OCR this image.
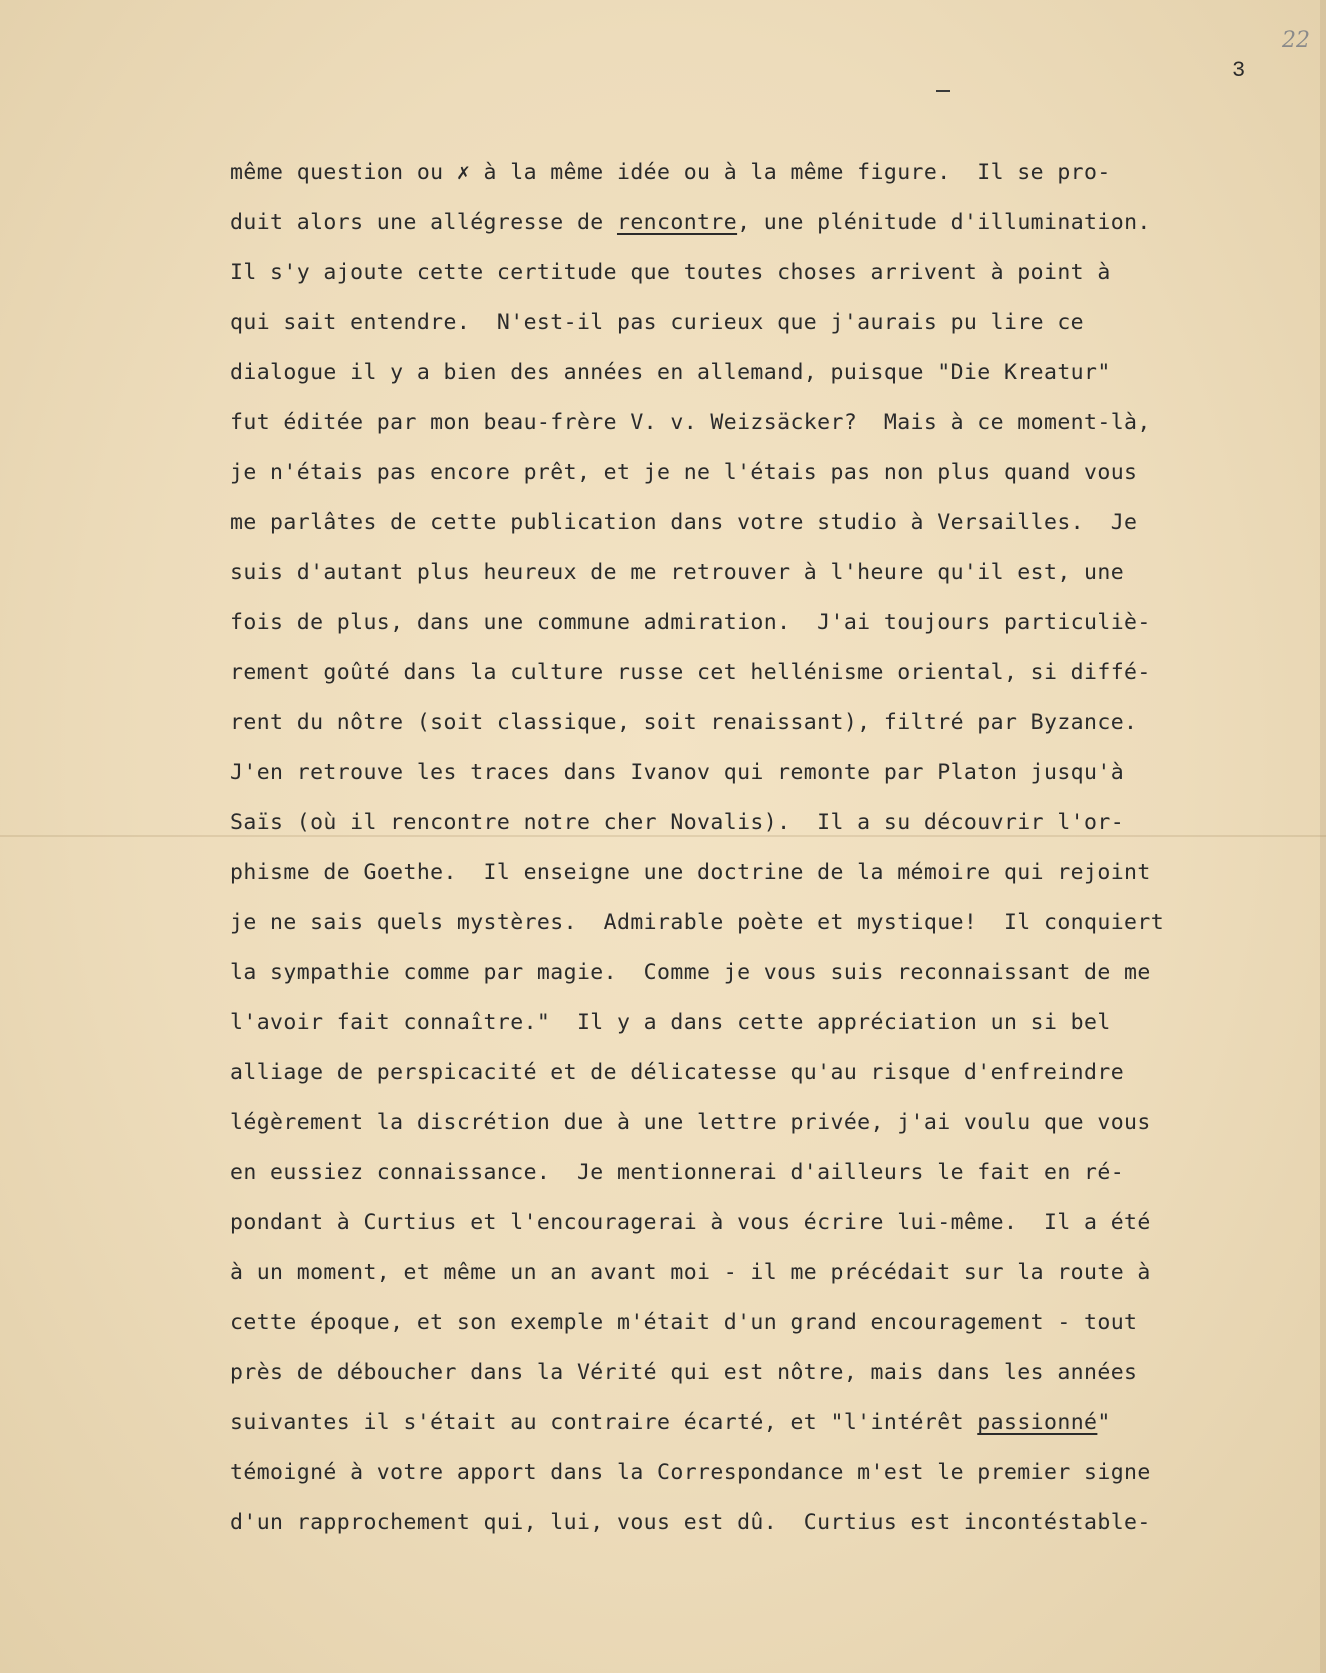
22
3
même question ou ✗ à la même idée ou à la même figure.  Il se pro-
duit alors une allégresse de rencontre, une plénitude d'illumination.
Il s'y ajoute cette certitude que toutes choses arrivent à point à
qui sait entendre.  N'est-il pas curieux que j'aurais pu lire ce
dialogue il y a bien des années en allemand, puisque "Die Kreatur"
fut éditée par mon beau-frère V. v. Weizsäcker?  Mais à ce moment-là,
je n'étais pas encore prêt, et je ne l'étais pas non plus quand vous
me parlâtes de cette publication dans votre studio à Versailles.  Je
suis d'autant plus heureux de me retrouver à l'heure qu'il est, une
fois de plus, dans une commune admiration.  J'ai toujours particuliè-
rement goûté dans la culture russe cet hellénisme oriental, si diffé-
rent du nôtre (soit classique, soit renaissant), filtré par Byzance.
J'en retrouve les traces dans Ivanov qui remonte par Platon jusqu'à
Saïs (où il rencontre notre cher Novalis).  Il a su découvrir l'or-
phisme de Goethe.  Il enseigne une doctrine de la mémoire qui rejoint
je ne sais quels mystères.  Admirable poète et mystique!  Il conquiert
la sympathie comme par magie.  Comme je vous suis reconnaissant de me
l'avoir fait connaître."  Il y a dans cette appréciation un si bel
alliage de perspicacité et de délicatesse qu'au risque d'enfreindre
légèrement la discrétion due à une lettre privée, j'ai voulu que vous
en eussiez connaissance.  Je mentionnerai d'ailleurs le fait en ré-
pondant à Curtius et l'encouragerai à vous écrire lui-même.  Il a été
à un moment, et même un an avant moi - il me précédait sur la route à
cette époque, et son exemple m'était d'un grand encouragement - tout
près de déboucher dans la Vérité qui est nôtre, mais dans les années
suivantes il s'était au contraire écarté, et "l'intérêt passionné"
témoigné à votre apport dans la Correspondance m'est le premier signe
d'un rapprochement qui, lui, vous est dû.  Curtius est incontéstable-
